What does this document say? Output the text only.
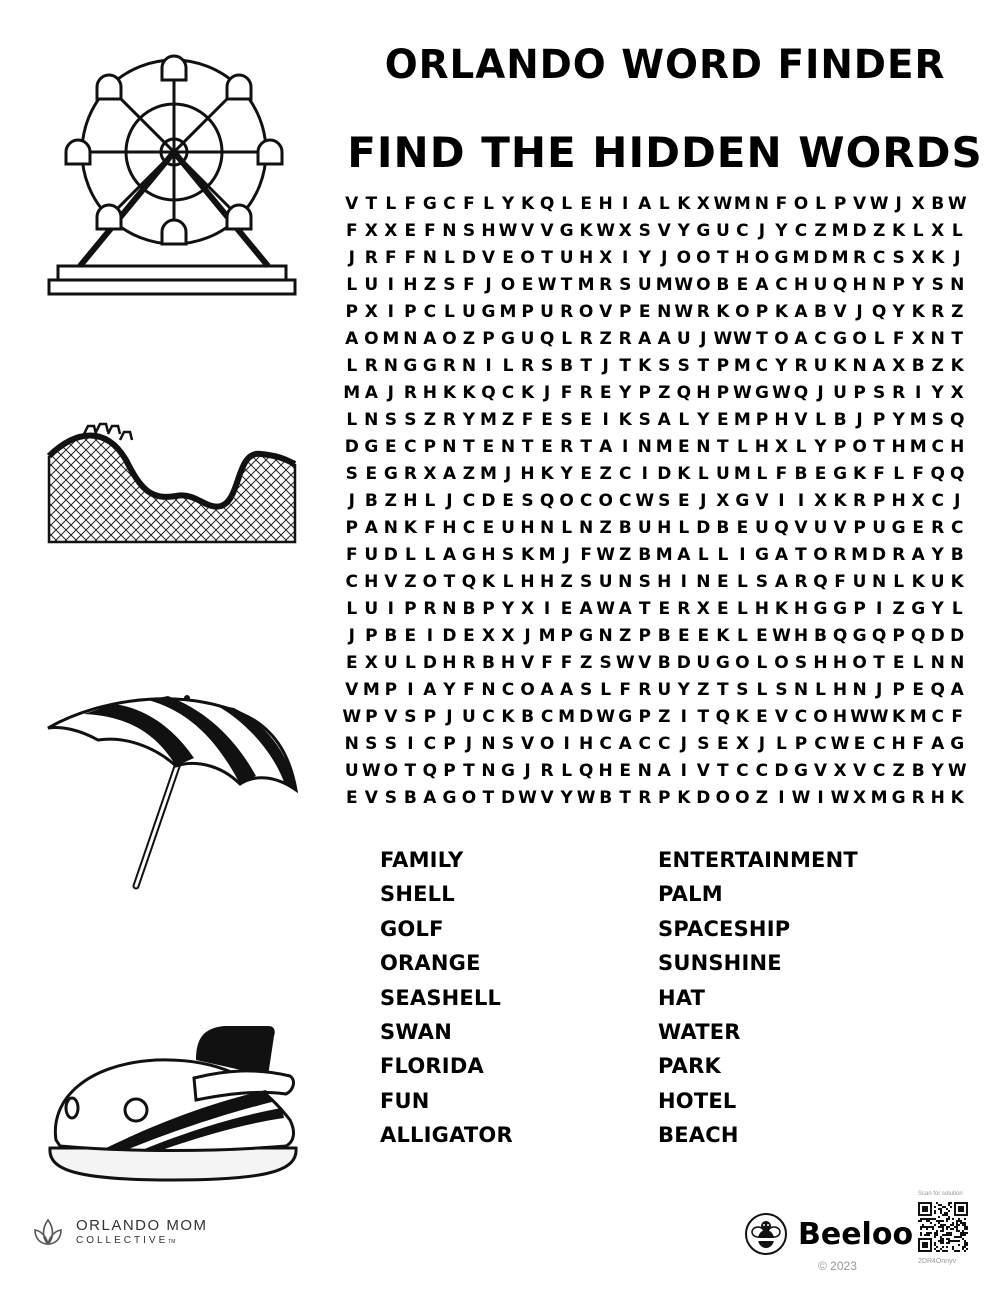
ORLANDO WORD FINDER
FIND THE HIDDEN WORDS
V T L F G C F L Y K Q L E H I A L K X W M N F O L P V W J X B W
F X X E F N S H W V V G K W X S V Y G U C J Y C Z M D Z K L X L
J R F F N L D V E O T U H X I Y J O O T H O G M D M R C S X K J
L U I H Z S F J O E W T M R S U M W O B E A C H U Q H N P Y S N
P X I P C L U G M P U R O V P E N W R K O P K A B V J Q Y K R Z
A O M N A O Z P G U Q L R Z R A A U J W W T O A C G O L F X N T
L R N G G R N I L R S B T J T K S S T P M C Y R U K N A X B Z K
M A J R H K K Q C K J F R E Y P Z Q H P W G W Q J U P S R I Y X
L N S S Z R Y M Z F E S E I K S A L Y E M P H V L B J P Y M S Q
D G E C P N T E N T E R T A I N M E N T L H X L Y P O T H M C H
S E G R X A Z M J H K Y E Z C I D K L U M L F B E G K F L F Q Q
J B Z H L J C D E S Q O C O C W S E J X G V I I X K R P H X C J
P A N K F H C E U H N L N Z B U H L D B E U Q V U V P U G E R C
F U D L L A G H S K M J F W Z B M A L L I G A T O R M D R A Y B
C H V Z O T Q K L H H Z S U N S H I N E L S A R Q F U N L K U K
L U I P R N B P Y X I E A W A T E R X E L H K H G G P I Z G Y L
J P B E I D E X X J M P G N Z P B E E K L E W H B Q G Q P Q D D
E X U L D H R B H V F F Z S W V B D U G O L O S H H O T E L N N
V M P I A Y F N C O A A S L F R U Y Z T S L S N L H N J P E Q A
W P V S P J U C K B C M D W G P Z I T Q K E V C O H W W K M C F
N S S I C P J N S V O I H C A C C J S E X J L P C W E C H F A G
U W O T Q P T N G J R L Q H E N A I V T C C D G V X V C Z B Y W
E V S B A G O T D W V Y W B T R P K D O O Z I W I W X M G R H K
FAMILY
SHELL
GOLF
ORANGE
SEASHELL
SWAN
FLORIDA
FUN
ALLIGATOR
ENTERTAINMENT
PALM
SPACESHIP
SUNSHINE
HAT
WATER
PARK
HOTEL
BEACH
ORLANDO MOM
COLLECTIVETM	Beeloo
© 2023
Scan for solution
2DR4Onnyv
